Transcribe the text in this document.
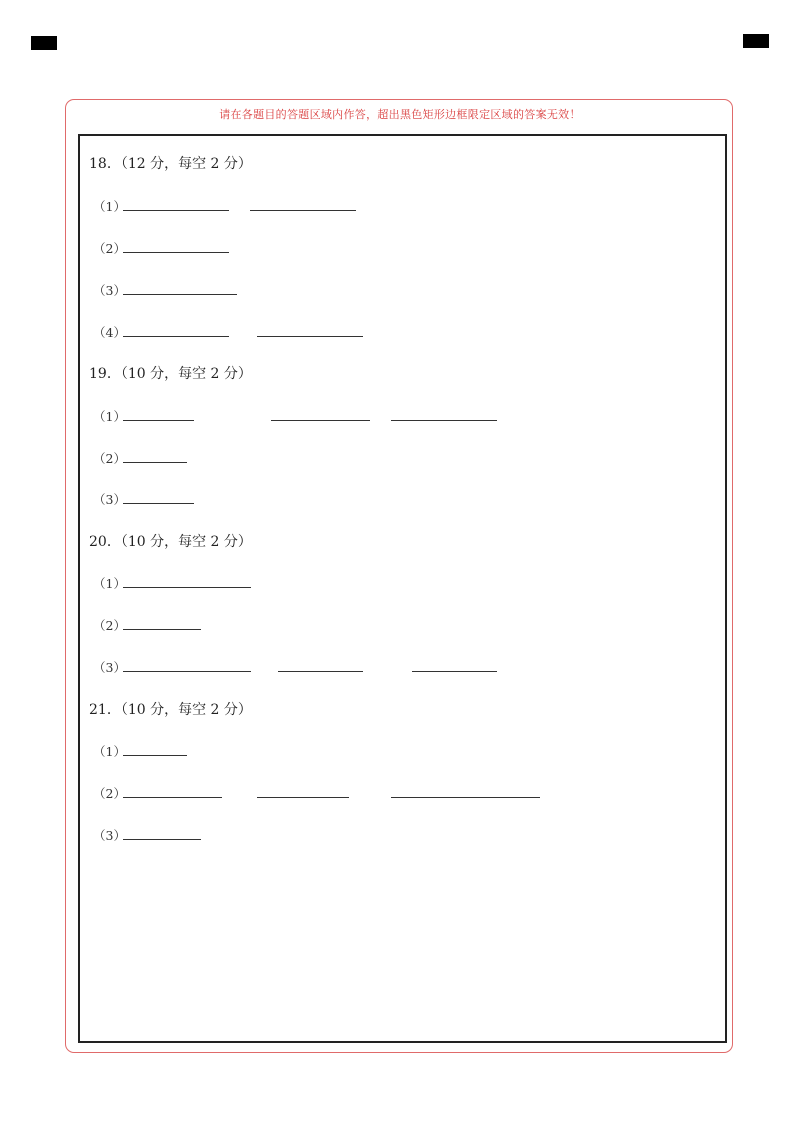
请在各题目的答题区域内作答，超出黑色矩形边框限定区域的答案无效！
18．（12 分，每空 2 分）
（1）
（2）
（3）
（4）
19．（10 分，每空 2 分）
（1）
（2）
（3）
20．（10 分，每空 2 分）
（1）
（2）
（3）
21．（10 分，每空 2 分）
（1）
（2）
（3）
